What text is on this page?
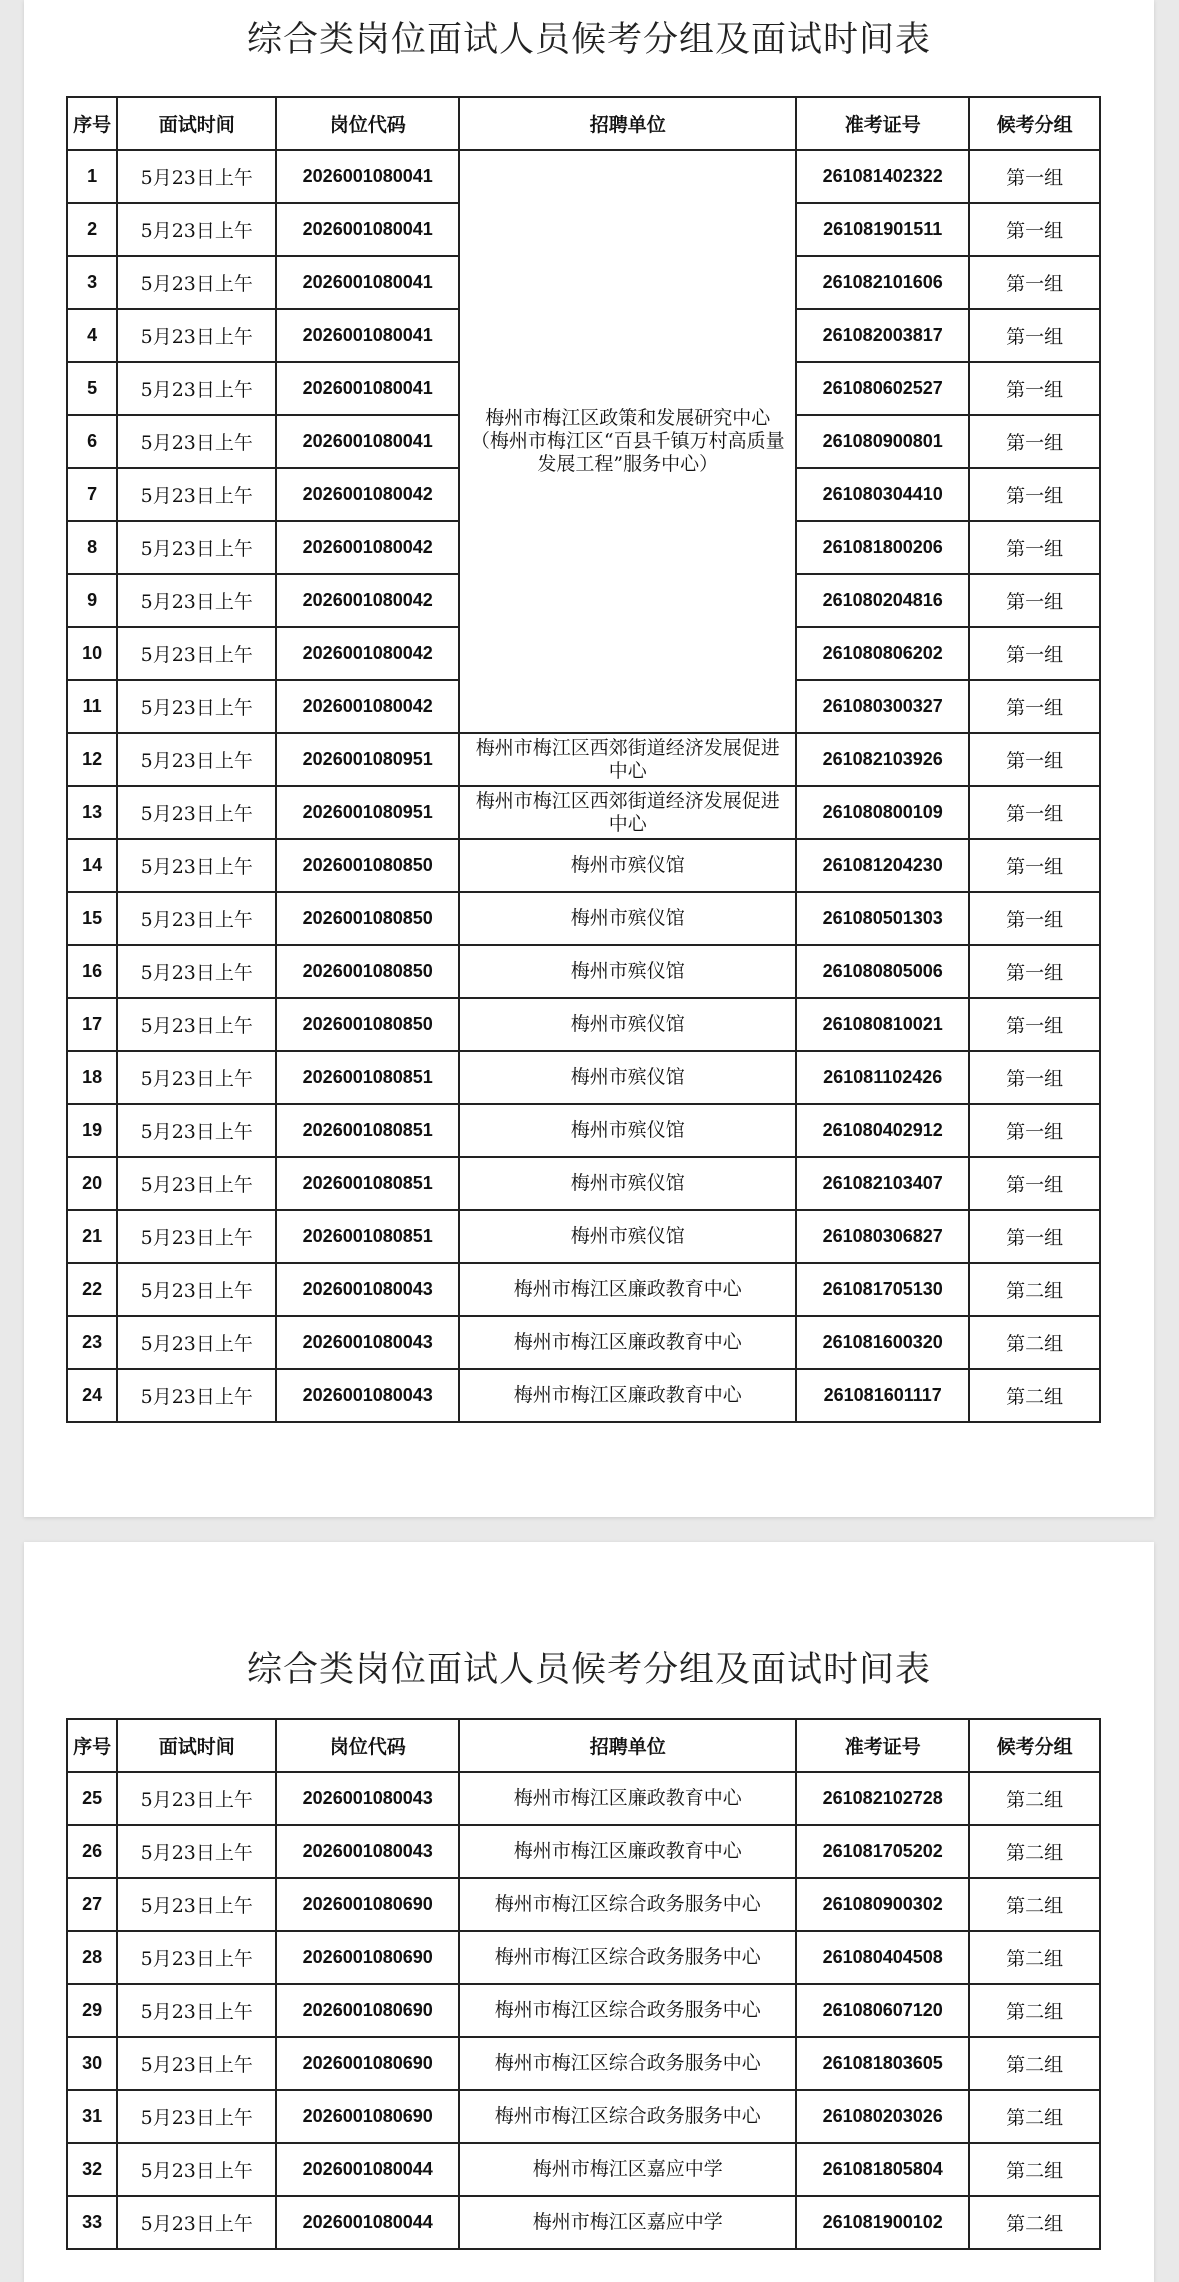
综合类岗位面试人员候考分组及面试时间表
序号	面试时间	岗位代码	招聘单位	准考证号	候考分组
1	5月23日上午	2026001080041	梅州市梅江区政策和发展研究中心（梅州市梅江区“百县千镇万村高质量发展工程”服务中心）	261081402322	第一组
2	5月23日上午	2026001080041		261081901511	第一组
3	5月23日上午	2026001080041		261082101606	第一组
4	5月23日上午	2026001080041		261082003817	第一组
5	5月23日上午	2026001080041		261080602527	第一组
6	5月23日上午	2026001080041		261080900801	第一组
7	5月23日上午	2026001080042		261080304410	第一组
8	5月23日上午	2026001080042		261081800206	第一组
9	5月23日上午	2026001080042		261080204816	第一组
10	5月23日上午	2026001080042		261080806202	第一组
11	5月23日上午	2026001080042		261080300327	第一组
12	5月23日上午	2026001080951	梅州市梅江区西郊街道经济发展促进中心	261082103926	第一组
13	5月23日上午	2026001080951	梅州市梅江区西郊街道经济发展促进中心	261080800109	第一组
14	5月23日上午	2026001080850	梅州市殡仪馆	261081204230	第一组
15	5月23日上午	2026001080850	梅州市殡仪馆	261080501303	第一组
16	5月23日上午	2026001080850	梅州市殡仪馆	261080805006	第一组
17	5月23日上午	2026001080850	梅州市殡仪馆	261080810021	第一组
18	5月23日上午	2026001080851	梅州市殡仪馆	261081102426	第一组
19	5月23日上午	2026001080851	梅州市殡仪馆	261080402912	第一组
20	5月23日上午	2026001080851	梅州市殡仪馆	261082103407	第一组
21	5月23日上午	2026001080851	梅州市殡仪馆	261080306827	第一组
22	5月23日上午	2026001080043	梅州市梅江区廉政教育中心	261081705130	第二组
23	5月23日上午	2026001080043	梅州市梅江区廉政教育中心	261081600320	第二组
24	5月23日上午	2026001080043	梅州市梅江区廉政教育中心	261081601117	第二组
综合类岗位面试人员候考分组及面试时间表
序号	面试时间	岗位代码	招聘单位	准考证号	候考分组
25	5月23日上午	2026001080043	梅州市梅江区廉政教育中心	261082102728	第二组
26	5月23日上午	2026001080043	梅州市梅江区廉政教育中心	261081705202	第二组
27	5月23日上午	2026001080690	梅州市梅江区综合政务服务中心	261080900302	第二组
28	5月23日上午	2026001080690	梅州市梅江区综合政务服务中心	261080404508	第二组
29	5月23日上午	2026001080690	梅州市梅江区综合政务服务中心	261080607120	第二组
30	5月23日上午	2026001080690	梅州市梅江区综合政务服务中心	261081803605	第二组
31	5月23日上午	2026001080690	梅州市梅江区综合政务服务中心	261080203026	第二组
32	5月23日上午	2026001080044	梅州市梅江区嘉应中学	261081805804	第二组
33	5月23日上午	2026001080044	梅州市梅江区嘉应中学	261081900102	第二组
